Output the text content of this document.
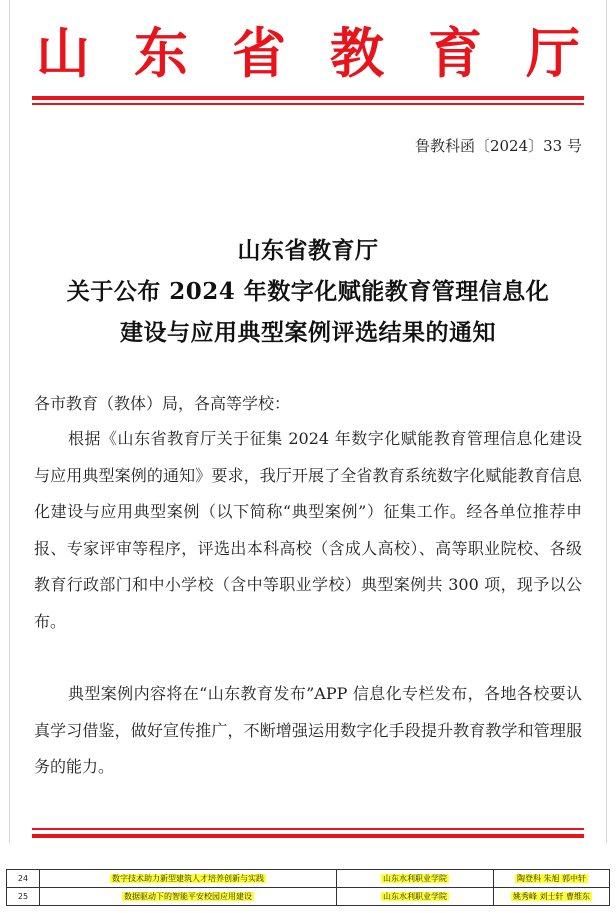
山 东 省 教 育 厅
鲁教科函〔2024〕33 号
山东省教育厅
关于公布 2024 年数字化赋能教育管理信息化
建设与应用典型案例评选结果的通知
各市教育（教体）局，各高等学校：

根据《山东省教育厅关于征集 2024 年数字化赋能教育管理信息化建设与应用典型案例的通知》要求，我厅开展了全省教育系统数字化赋能教育信息化建设与应用典型案例（以下简称“典型案例”）征集工作。经各单位推荐申报、专家评审等程序，评选出本科高校（含成人高校）、高等职业院校、各级教育行政部门和中小学校（含中等职业学校）典型案例共 300 项，现予以公布。

典型案例内容将在“山东教育发布”APP 信息化专栏发布，各地各校要认真学习借鉴，做好宣传推广，不断增强运用数字化手段提升教育教学和管理服务的能力。

24	数字技术助力新型建筑人才培养创新与实践	山东水利职业学院	陶登科 朱旭 郭中轩
25	数据驱动下的智能平安校园应用建设	山东水利职业学院	姚秀峰 刘士轩 曹维东
